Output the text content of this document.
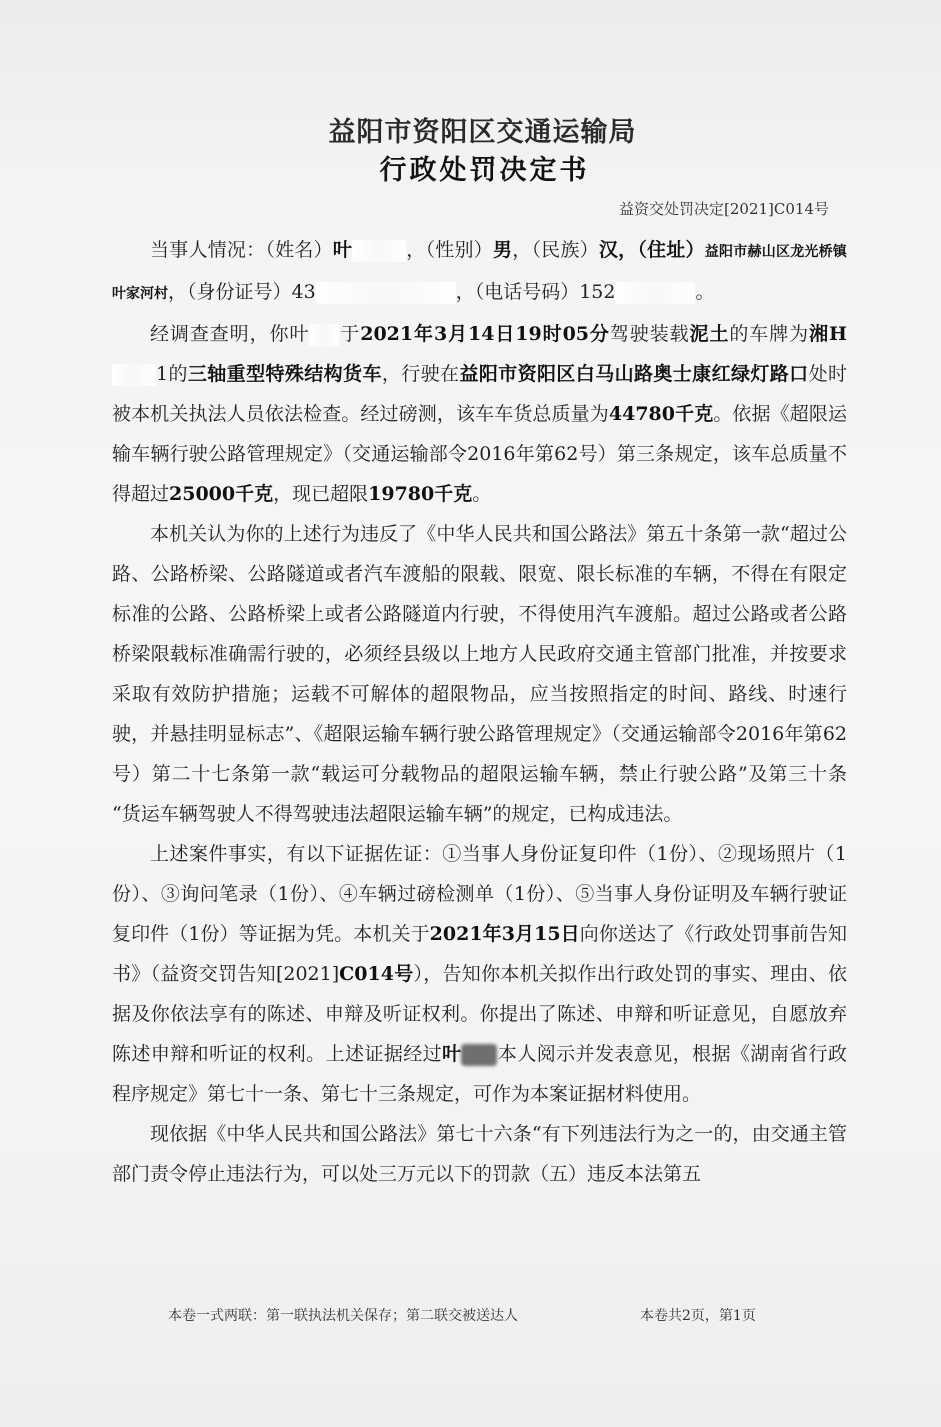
益阳市资阳区交通运输局
行政处罚决定书
益资交处罚决定[2021]C014号

当事人情况：（姓名）叶	，（性别）男，（民族）汉，（住址）益阳市赫山区龙光桥镇叶家河村，（身份证号）43	，（电话号码）152	。

经调查查明，你叶 于2021年3月14日19时05分驾驶装载泥土的车牌为湘H1的三轴重型特殊结构货车，行驶在益阳市资阳区白马山路奥士康红绿灯路口处时被本机关执法人员依法检查。经过磅测，该车车货总质量为44780千克。依据《超限运输车辆行驶公路管理规定》（交通运输部令2016年第62号）第三条规定，该车总质量不得超过25000千克，现已超限19780千克。

本机关认为你的上述行为违反了《中华人民共和国公路法》第五十条第一款“超过公路、公路桥梁、公路隧道或者汽车渡船的限载、限宽、限长标准的车辆，不得在有限定标准的公路、公路桥梁上或者公路隧道内行驶，不得使用汽车渡船。超过公路或者公路桥梁限载标准确需行驶的，必须经县级以上地方人民政府交通主管部门批准，并按要求采取有效防护措施；运载不可解体的超限物品，应当按照指定的时间、路线、时速行驶，并悬挂明显标志”、《超限运输车辆行驶公路管理规定》（交通运输部令2016年第62号）第二十七条第一款“载运可分载物品的超限运输车辆，禁止行驶公路”及第三十条 “货运车辆驾驶人不得驾驶违法超限运输车辆”的规定，已构成违法。

上述案件事实，有以下证据佐证：①当事人身份证复印件（1份）、②现场照片（1份）、③询问笔录（1份）、④车辆过磅检测单（1份）、⑤当事人身份证明及车辆行驶证复印件（1份）等证据为凭。本机关于2021年3月15日向你送达了《行政处罚事前告知书》（益资交罚告知[2021]C014号），告知你本机关拟作出行政处罚的事实、理由、依据及你依法享有的陈述、申辩及听证权利。你提出了陈述、申辩和听证意见，自愿放弃陈述申辩和听证的权利。上述证据经过叶 本人阅示并发表意见，根据《湖南省行政程序规定》第七十一条、第七十三条规定，可作为本案证据材料使用。

现依据《中华人民共和国公路法》第七十六条“有下列违法行为之一的，由交通主管部门责令停止违法行为，可以处三万元以下的罚款（五）违反本法第五

本卷一式两联：第一联执法机关保存；第二联交被送达人	本卷共2页，第1页
